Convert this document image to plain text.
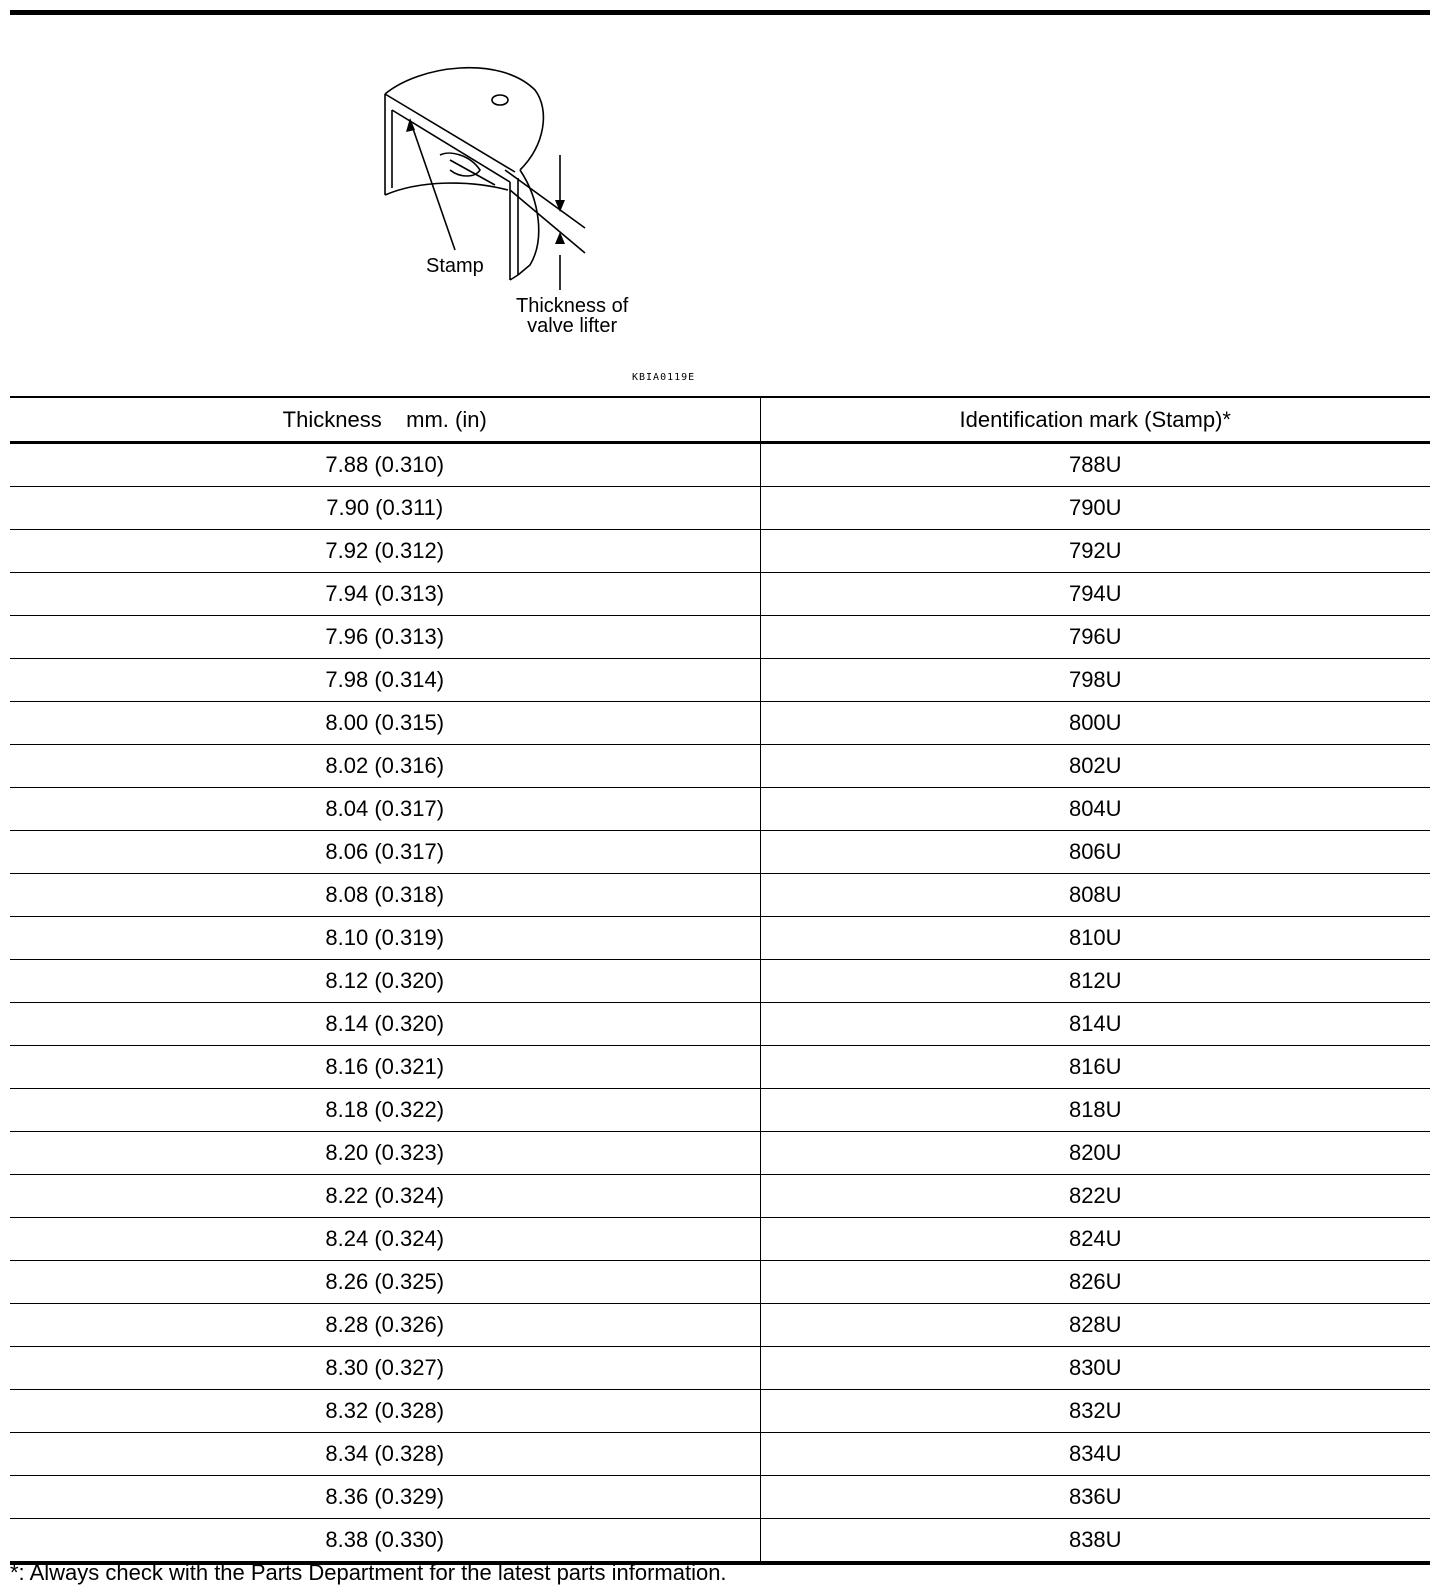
Stamp
Thickness of
valve lifter
KBIA0119E
Thickness    mm. (in)	Identification mark (Stamp)*
7.88 (0.310)	788U
7.90 (0.311)	790U
7.92 (0.312)	792U
7.94 (0.313)	794U
7.96 (0.313)	796U
7.98 (0.314)	798U
8.00 (0.315)	800U
8.02 (0.316)	802U
8.04 (0.317)	804U
8.06 (0.317)	806U
8.08 (0.318)	808U
8.10 (0.319)	810U
8.12 (0.320)	812U
8.14 (0.320)	814U
8.16 (0.321)	816U
8.18 (0.322)	818U
8.20 (0.323)	820U
8.22 (0.324)	822U
8.24 (0.324)	824U
8.26 (0.325)	826U
8.28 (0.326)	828U
8.30 (0.327)	830U
8.32 (0.328)	832U
8.34 (0.328)	834U
8.36 (0.329)	836U
8.38 (0.330)	838U
*: Always check with the Parts Department for the latest parts information.
